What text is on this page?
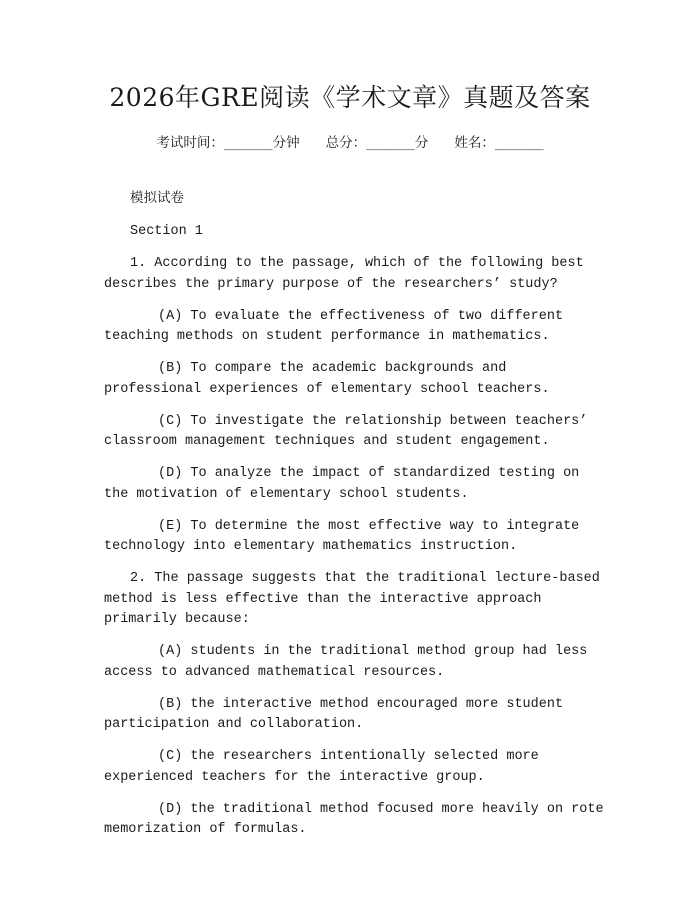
2026年GRE阅读《学术文章》真题及答案
考试时间：______分钟 总分：______分 姓名：______

模拟试卷

Section 1

1. According to the passage, which of the following best describes the primary purpose of the researchers’ study?

(A) To evaluate the effectiveness of two different teaching methods on student performance in mathematics.

(B) To compare the academic backgrounds and professional experiences of elementary school teachers.

(C) To investigate the relationship between teachers’ classroom management techniques and student engagement.

(D) To analyze the impact of standardized testing on the motivation of elementary school students.

(E) To determine the most effective way to integrate technology into elementary mathematics instruction.

2. The passage suggests that the traditional lecture-based method is less effective than the interactive approach primarily because:

(A) students in the traditional method group had less access to advanced mathematical resources.

(B) the interactive method encouraged more student participation and collaboration.

(C) the researchers intentionally selected more experienced teachers for the interactive group.

(D) the traditional method focused more heavily on rote memorization of formulas.
